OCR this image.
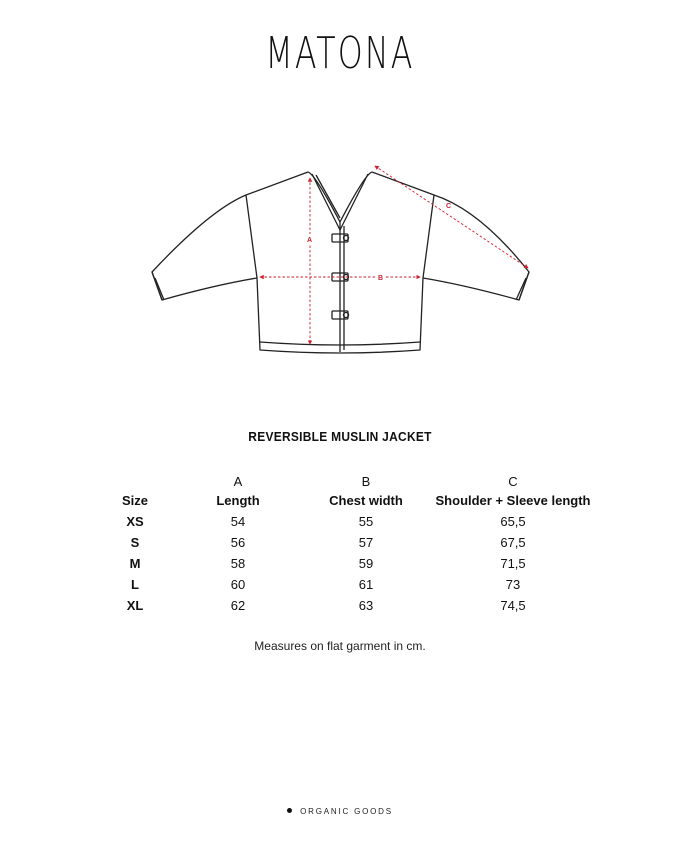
MATONA
A
B
C
REVERSIBLE MUSLIN JACKET
	A	B	C
Size	Length	Chest width	Shoulder + Sleeve length
XS	54	55	65,5
S	56	57	67,5
M	58	59	71,5
L	60	61	73
XL	62	63	74,5
Measures on flat garment in cm.
ORGANIC GOODS
